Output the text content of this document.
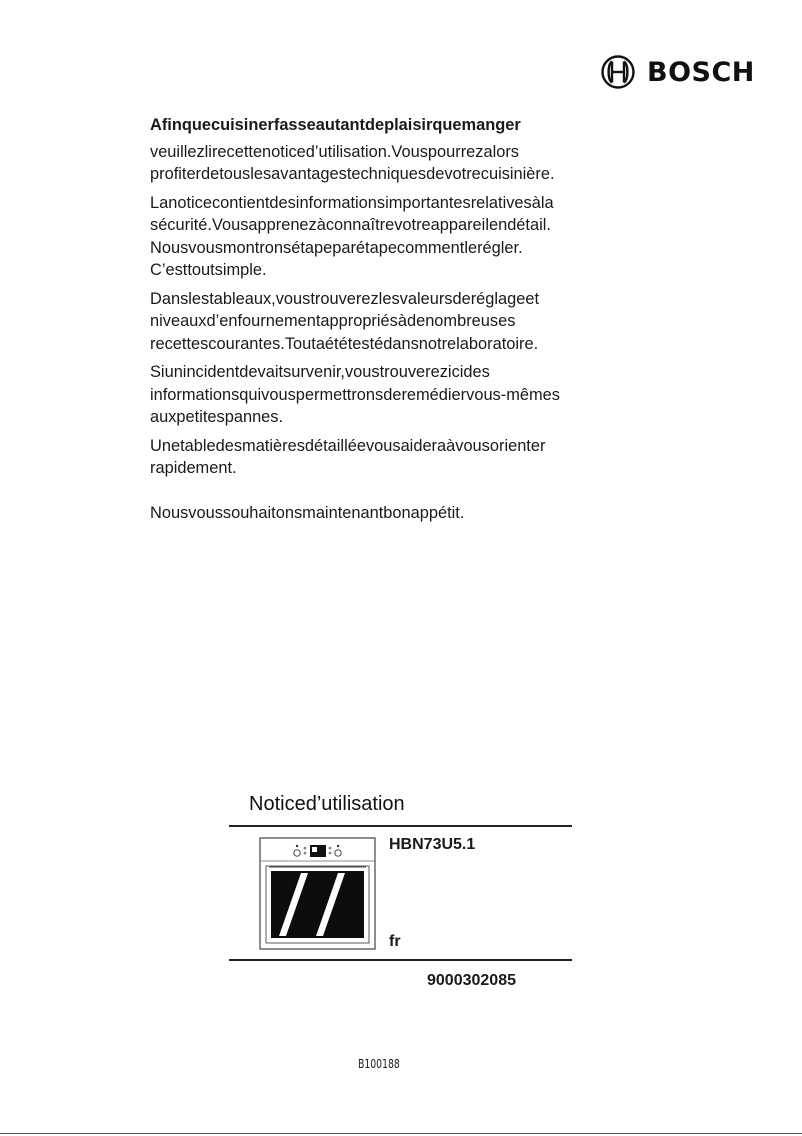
BOSCH

Afinquecuisinerfasseautantdeplaisirquemanger

veuillezlirecettenoticed’utilisation.Vouspourrezalors
profiterdetouslesavantagestechniquesdevotrecuisinière.

Lanoticecontientdesinformationsimportantesrelativesàla
sécurité.Vousapprenezàconnaîtrevotreappareilendétail.
Nousvousmontronsétapeparétapecommentlerégler.
C’esttoutsimple.

Danslestableaux,voustrouverezlesvaleursderéglageet
niveauxd’enfournementappropriésàdenombreuses
recettescourantes.Toutaététestédansnotrelaboratoire.

Siunincidentdevaitsurvenir,voustrouverezicides
informationsquivouspermettronsderemédiervous-mêmes
auxpetitespannes.

Unetabledesmatièresdétailléevousaideraàvousorienter
rapidement.

Nousvoussouhaitonsmaintenantbonappétit.

Noticed’utilisation
HBN73U5.1
fr
9000302085
B100188
